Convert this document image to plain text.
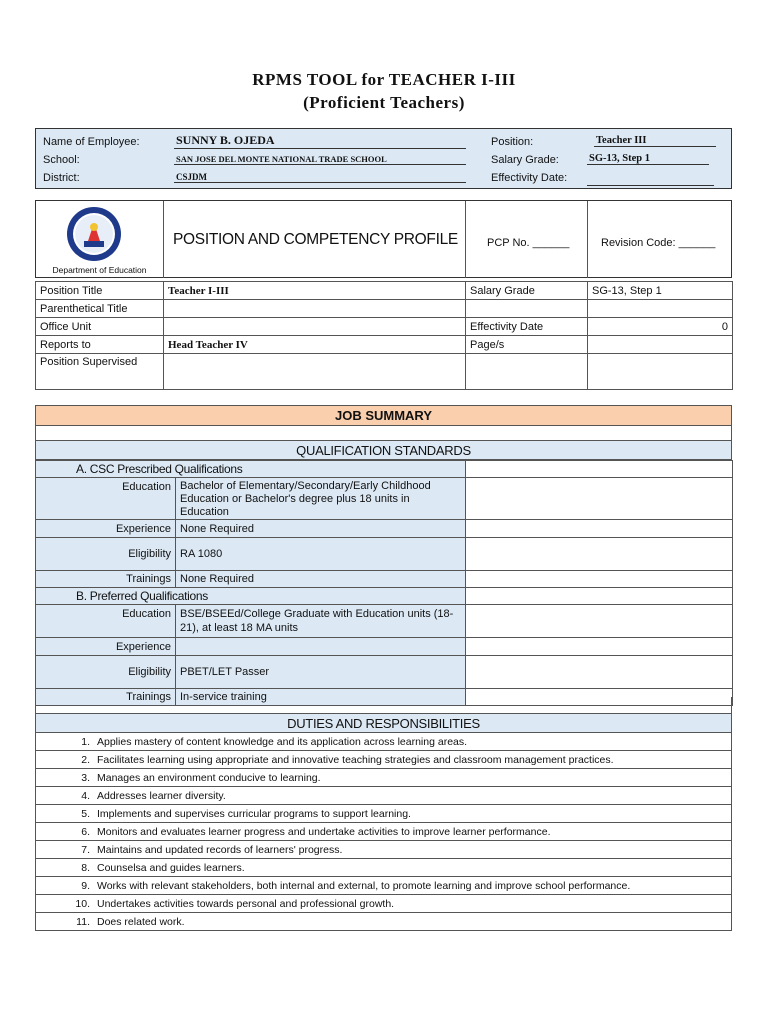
RPMS TOOL for TEACHER I-III
(Proficient Teachers)
Name of Employee:	SUNNY B. OJEDA
School:	SAN JOSE DEL MONTE NATIONAL TRADE SCHOOL
District:	CSJDM
Position:	Teacher III
Salary Grade:	SG-13, Step 1
Effectivity Date:
Department of Education
POSITION AND COMPETENCY PROFILE	PCP No. ______	Revision Code: ______
Position Title	Teacher I-III	Salary Grade	SG-13, Step 1
Parenthetical Title			
Office Unit		Effectivity Date	0
Reports to	Head Teacher IV	Page/s	
Position Supervised			
JOB SUMMARY
QUALIFICATION STANDARDS
A. CSC Prescribed Qualifications		
Education	Bachelor of Elementary/Secondary/Early Childhood
Education or Bachelor's degree plus 18 units in Education	

Experience	None Required	
Eligibility	RA 1080	
Trainings	None Required	
B. Preferred Qualifications		
Education	BSE/BSEEd/College Graduate with Education units (18-
21), at least 18 MA units	

Experience		
Eligibility	PBET/LET Passer	
Trainings	In-service training	
DUTIES AND RESPONSIBILITIES
1. Applies mastery of content knowledge and its application across learning areas.
2. Facilitates learning using appropriate and innovative teaching strategies and classroom management practices.
3. Manages an environment conducive to learning.
4. Addresses learner diversity.
5. Implements and supervises curricular programs to support learning.
6. Monitors and evaluates learner progress and undertake activities to improve learner performance.
7. Maintains and updated records of learners' progress.
8. Counselsa and guides learners.
9. Works with relevant stakeholders, both internal and external, to promote learning and improve school performance.
10. Undertakes activities towards personal and professional growth.
11. Does related work.
